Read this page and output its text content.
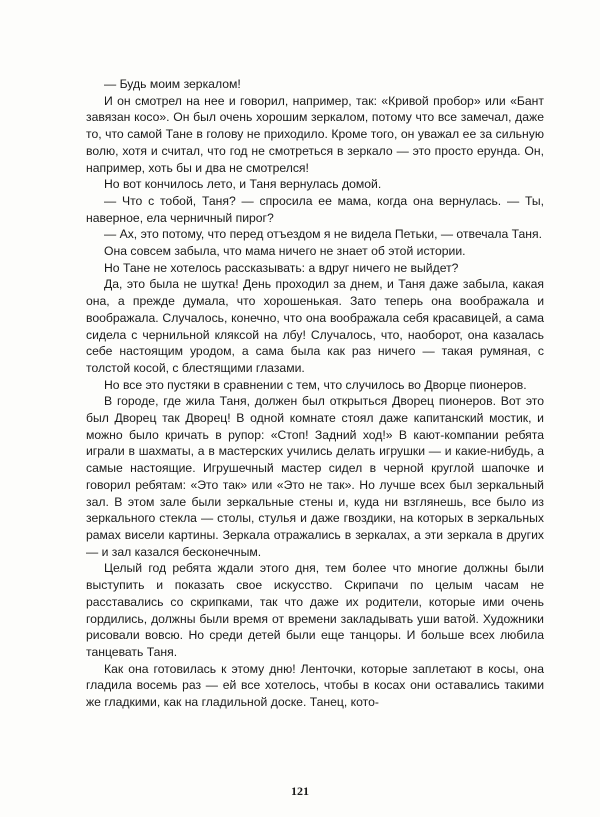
— Будь моим зеркалом!

И он смотрел на нее и говорил, например, так: «Кривой пробор» или «Бант завязан косо». Он был очень хорошим зеркалом, потому что все замечал, даже то, что самой Тане в голову не приходило. Кроме того, он уважал ее за сильную волю, хотя и считал, что год не смотреться в зеркало — это просто ерунда. Он, например, хоть бы и два не смотрелся!

Но вот кончилось лето, и Таня вернулась домой.

— Что с тобой, Таня? — спросила ее мама, когда она вернулась. — Ты, наверное, ела черничный пирог?

— Ах, это потому, что перед отъездом я не видела Петьки, — отвечала Таня.

Она совсем забыла, что мама ничего не знает об этой истории.

Но Тане не хотелось рассказывать: а вдруг ничего не выйдет?

Да, это была не шутка! День проходил за днем, и Таня даже забыла, какая она, а прежде думала, что хорошенькая. Зато теперь она воображала и воображала. Случалось, конечно, что она воображала себя красавицей, а сама сидела с чернильной кляксой на лбу! Случалось, что, наоборот, она казалась себе настоящим уродом, а сама была как раз ничего — такая румяная, с толстой косой, с блестящими глазами.

Но все это пустяки в сравнении с тем, что случилось во Дворце пионеров.

В городе, где жила Таня, должен был открыться Дворец пионеров. Вот это был Дворец так Дворец! В одной комнате стоял даже капитанский мостик, и можно было кричать в рупор: «Стоп! Задний ход!» В кают-компании ребята играли в шахматы, а в мастерских учились делать игрушки — и какие-нибудь, а самые настоящие. Игрушечный мастер сидел в черной круглой шапочке и говорил ребятам: «Это так» или «Это не так». Но лучше всех был зеркальный зал. В этом зале были зеркальные стены и, куда ни взглянешь, все было из зеркального стекла — столы, стулья и даже гвоздики, на которых в зеркальных рамах висели картины. Зеркала отражались в зеркалах, а эти зеркала в других — и зал казался бесконечным.

Целый год ребята ждали этого дня, тем более что многие должны были выступить и показать свое искусство. Скрипачи по целым часам не расставались со скрипками, так что даже их родители, которые ими очень гордились, должны были время от времени закладывать уши ватой. Художники рисовали вовсю. Но среди детей были еще танцоры. И больше всех любила танцевать Таня.

Как она готовилась к этому дню! Ленточки, которые заплетают в косы, она гладила восемь раз — ей все хотелось, чтобы в косах они оставались такими же гладкими, как на гладильной доске. Танец, кото-

121
